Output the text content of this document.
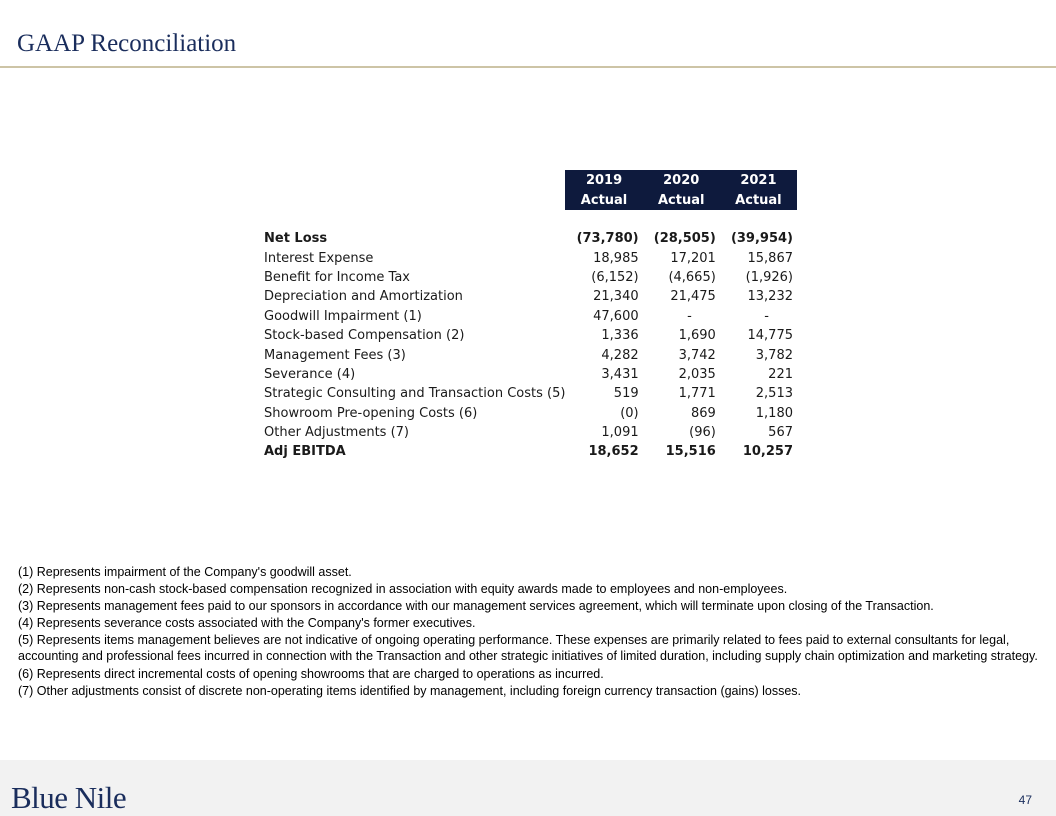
GAAP Reconciliation
	2019	2020	2021
	Actual	Actual	Actual

Net Loss	(73,780)	(28,505)	(39,954)
Interest Expense	18,985	17,201	15,867
Benefit for Income Tax	(6,152)	(4,665)	(1,926)
Depreciation and Amortization	21,340	21,475	13,232
Goodwill Impairment (1)	47,600	-	-
Stock-based Compensation (2)	1,336	1,690	14,775
Management Fees (3)	4,282	3,742	3,782
Severance (4)	3,431	2,035	221
Strategic Consulting and Transaction Costs (5)	519	1,771	2,513
Showroom Pre-opening Costs (6)	(0)	869	1,180
Other Adjustments (7)	1,091	(96)	567
Adj EBITDA	18,652	15,516	10,257

(1) Represents impairment of the Company's goodwill asset.

(2) Represents non-cash stock-based compensation recognized in association with equity awards made to employees and non-employees.

(3) Represents management fees paid to our sponsors in accordance with our management services agreement, which will terminate upon closing of the Transaction.

(4) Represents severance costs associated with the Company's former executives.

(5) Represents items management believes are not indicative of ongoing operating performance. These expenses are primarily related to fees paid to external consultants for legal, accounting and professional fees incurred in connection with the Transaction and other strategic initiatives of limited duration, including supply chain optimization and marketing strategy.

(6) Represents direct incremental costs of opening showrooms that are charged to operations as incurred.

(7) Other adjustments consist of discrete non-operating items identified by management, including foreign currency transaction (gains) losses.

Blue Nile	47
